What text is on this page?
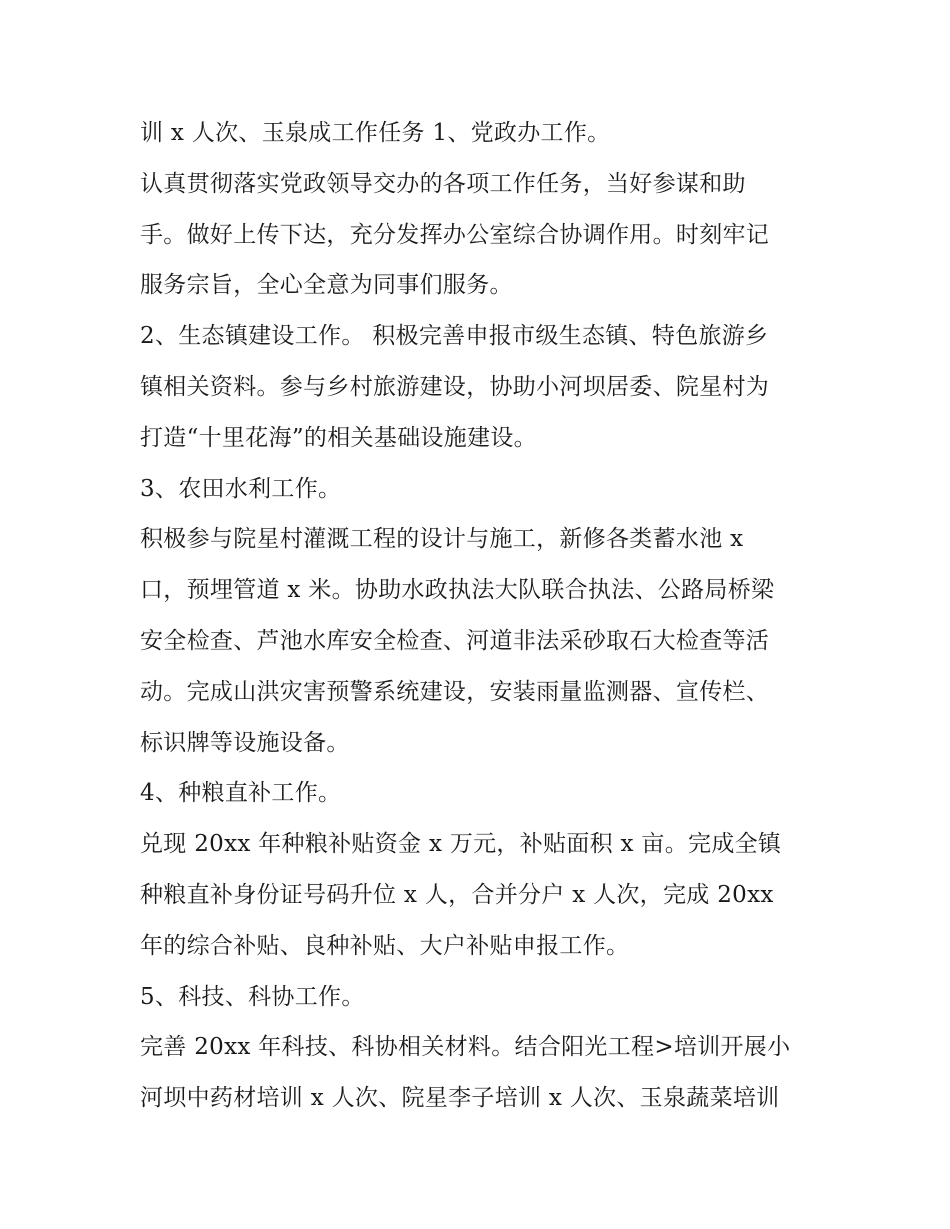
训 x 人次、玉泉成工作任务 1、党政办工作。
认真贯彻落实党政领导交办的各项工作任务，当好参谋和助
手。做好上传下达，充分发挥办公室综合协调作用。时刻牢记
服务宗旨，全心全意为同事们服务。
2、生态镇建设工作。 积极完善申报市级生态镇、特色旅游乡
镇相关资料。参与乡村旅游建设，协助小河坝居委、院星村为
打造“十里花海”的相关基础设施建设。
3、农田水利工作。
积极参与院星村灌溉工程的设计与施工，新修各类蓄水池 x
口，预埋管道 x 米。协助水政执法大队联合执法、公路局桥梁
安全检查、芦池水库安全检查、河道非法采砂取石大检查等活
动。完成山洪灾害预警系统建设，安装雨量监测器、宣传栏、
标识牌等设施设备。
4、种粮直补工作。
兑现 20xx 年种粮补贴资金 x 万元，补贴面积 x 亩。完成全镇
种粮直补身份证号码升位 x 人，合并分户 x 人次，完成 20xx
年的综合补贴、良种补贴、大户补贴申报工作。
5、科技、科协工作。
完善 20xx 年科技、科协相关材料。结合阳光工程>培训开展小
河坝中药材培训 x 人次、院星李子培训 x 人次、玉泉蔬菜培训
